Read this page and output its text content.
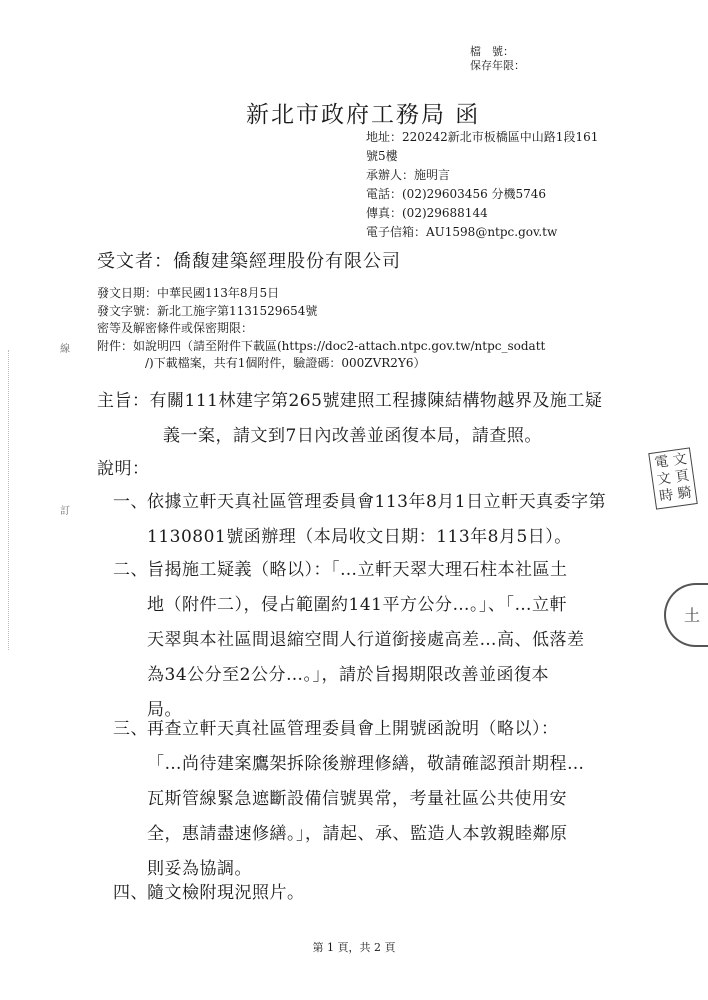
檔　號：
保存年限：
新北市政府工務局 函
地址：220242新北市板橋區中山路1段161
號5樓
承辦人：施明言
電話：(02)29603456 分機5746
傳真：(02)29688144
電子信箱：AU1598@ntpc.gov.tw
受文者：僑馥建築經理股份有限公司
發文日期：中華民國113年8月5日
發文字號：新北工施字第1131529654號
密等及解密條件或保密期限：
附件：如說明四（請至附件下載區(https://doc2-attach.ntpc.gov.tw/ntpc_sodatt
/)下載檔案，共有1個附件，驗證碼：000ZVR2Y6）
線
訂
主旨：有關111林建字第265號建照工程據陳結構物越界及施工疑
義一案，請文到7日內改善並函復本局，請查照。
說明：
一、 依據立軒天真社區管理委員會113年8月1日立軒天真委字第
1130801號函辦理（本局收文日期：113年8月5日）。
二、 旨揭施工疑義（略以）：「…立軒天翠大理石柱本社區土
地（附件二），侵占範圍約141平方公分…。」、「…立軒
天翠與本社區間退縮空間人行道銜接處高差…高、低落差
為34公分至2公分…。」，請於旨揭期限改善並函復本
局。
三、 再查立軒天真社區管理委員會上開號函說明（略以）：
「…尚待建案鷹架拆除後辦理修繕，敬請確認預計期程…
瓦斯管線緊急遮斷設備信號異常，考量社區公共使用安
全，惠請盡速修繕。」，請起、承、監造人本敦親睦鄰原
則妥為協調。
四、 隨文檢附現況照片。
第 1 頁，共 2 頁
電 文
文 頁
時 騎
土
